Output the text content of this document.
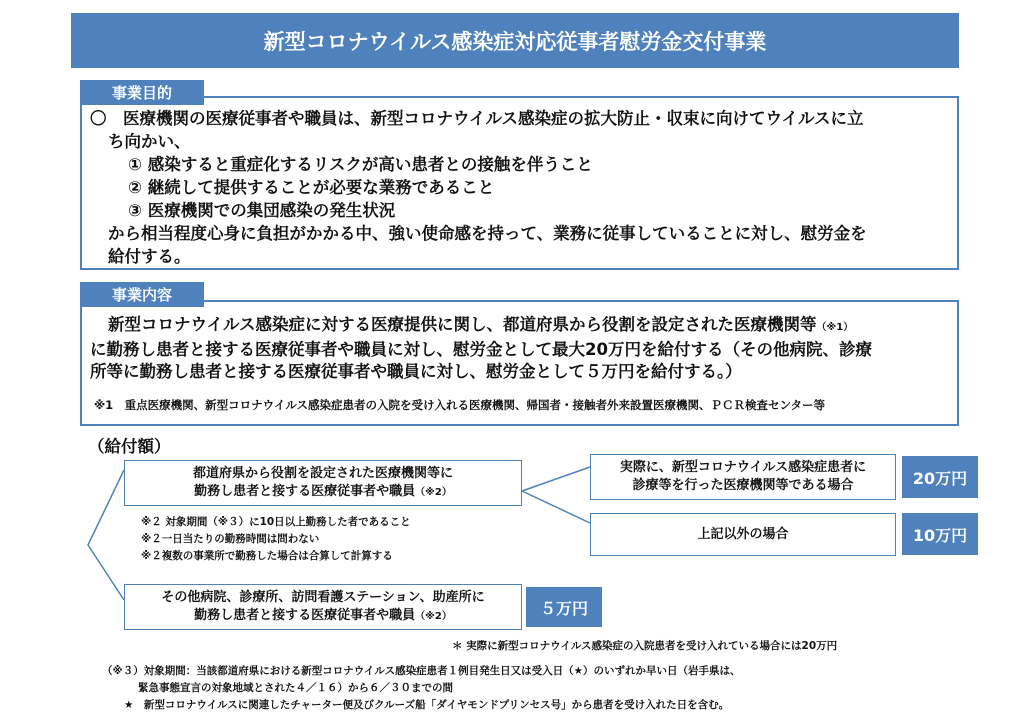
新型コロナウイルス感染症対応従事者慰労金交付事業
事業目的
〇　医療機関の医療従事者や職員は、新型コロナウイルス感染症の拡大防止・収束に向けてウイルスに立
ち向かい、
① 感染すると重症化するリスクが高い患者との接触を伴うこと
② 継続して提供することが必要な業務であること
③ 医療機関での集団感染の発生状況
から相当程度心身に負担がかかる中、強い使命感を持って、業務に従事していることに対し、慰労金を
給付する。
事業内容
新型コロナウイルス感染症に対する医療提供に関し、都道府県から役割を設定された医療機関等（※1）
に勤務し患者と接する医療従事者や職員に対し、慰労金として最大20万円を給付する（その他病院、診療
所等に勤務し患者と接する医療従事者や職員に対し、慰労金として５万円を給付する。）
※1　重点医療機関、新型コロナウイルス感染症患者の入院を受け入れる医療機関、帰国者・接触者外来設置医療機関、ＰＣＲ検査センター等
（給付額）
都道府県から役割を設定された医療機関等に
勤務し患者と接する医療従事者や職員（※2）
※２ 対象期間（※３）に10日以上勤務した者であること
※２一日当たりの勤務時間は問わない
※２複数の事業所で勤務した場合は合算して計算する
実際に、新型コロナウイルス感染症患者に
診療等を行った医療機関等である場合	20万円
上記以外の場合	10万円
その他病院、診療所、訪問看護ステーション、助産所に
勤務し患者と接する医療従事者や職員（※2）	５万円
＊ 実際に新型コロナウイルス感染症の入院患者を受け入れている場合には20万円
（※３）対象期間：当該都道府県における新型コロナウイルス感染症患者１例目発生日又は受入日（★）のいずれか早い日（岩手県は、
緊急事態宣言の対象地域とされた４／１６）から６／３０までの間
★　新型コロナウイルスに関連したチャーター便及びクルーズ船「ダイヤモンドプリンセス号」から患者を受け入れた日を含む。
